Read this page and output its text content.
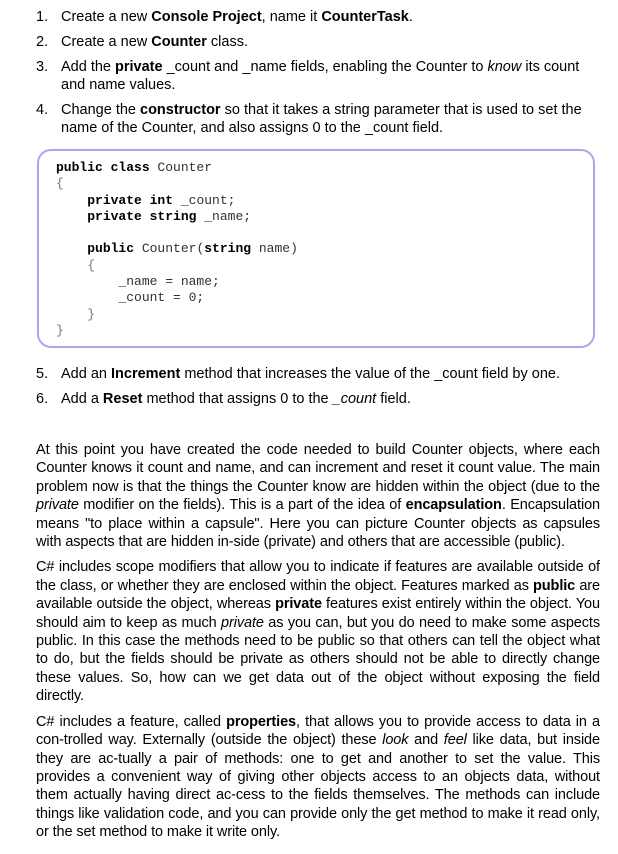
1. Create a new Console Project, name it CounterTask.
2. Create a new Counter class.
3. Add the private _count and _name fields, enabling the Counter to know its count and name values.
4. Change the constructor so that it takes a string parameter that is used to set the name of the Counter, and also assigns 0 to the _count field.
public class Counter
{
private int _count;
private string _name;

public Counter(string name)
{
_name = name;
_count = 0;
}
}
5. Add an Increment method that increases the value of the _count field by one.
6. Add a Reset method that assigns 0 to the _count field.

At this point you have created the code needed to build Counter objects, where each Counter knows it count and name, and can increment and reset it count value. The main problem now is that the things the Counter know are hidden within the object (due to the private modifier on the fields). This is a part of the idea of encapsulation. Encapsulation means "to place within a capsule". Here you can picture Counter objects as capsules with aspects that are hidden in-side (private) and others that are accessible (public).

C# includes scope modifiers that allow you to indicate if features are available outside of the class, or whether they are enclosed within the object. Features marked as public are available outside the object, whereas private features exist entirely within the object. You should aim to keep as much private as you can, but you do need to make some aspects public. In this case the methods need to be public so that others can tell the object what to do, but the fields should be private as others should not be able to directly change these values. So, how can we get data out of the object without exposing the field directly.

C# includes a feature, called properties, that allows you to provide access to data in a con-trolled way. Externally (outside the object) these look and feel like data, but inside they are ac-tually a pair of methods: one to get and another to set the value. This provides a convenient way of giving other objects access to an objects data, without them actually having direct ac-cess to the fields themselves. The methods can include things like validation code, and you can provide only the get method to make it read only, or the set method to make it write only.
